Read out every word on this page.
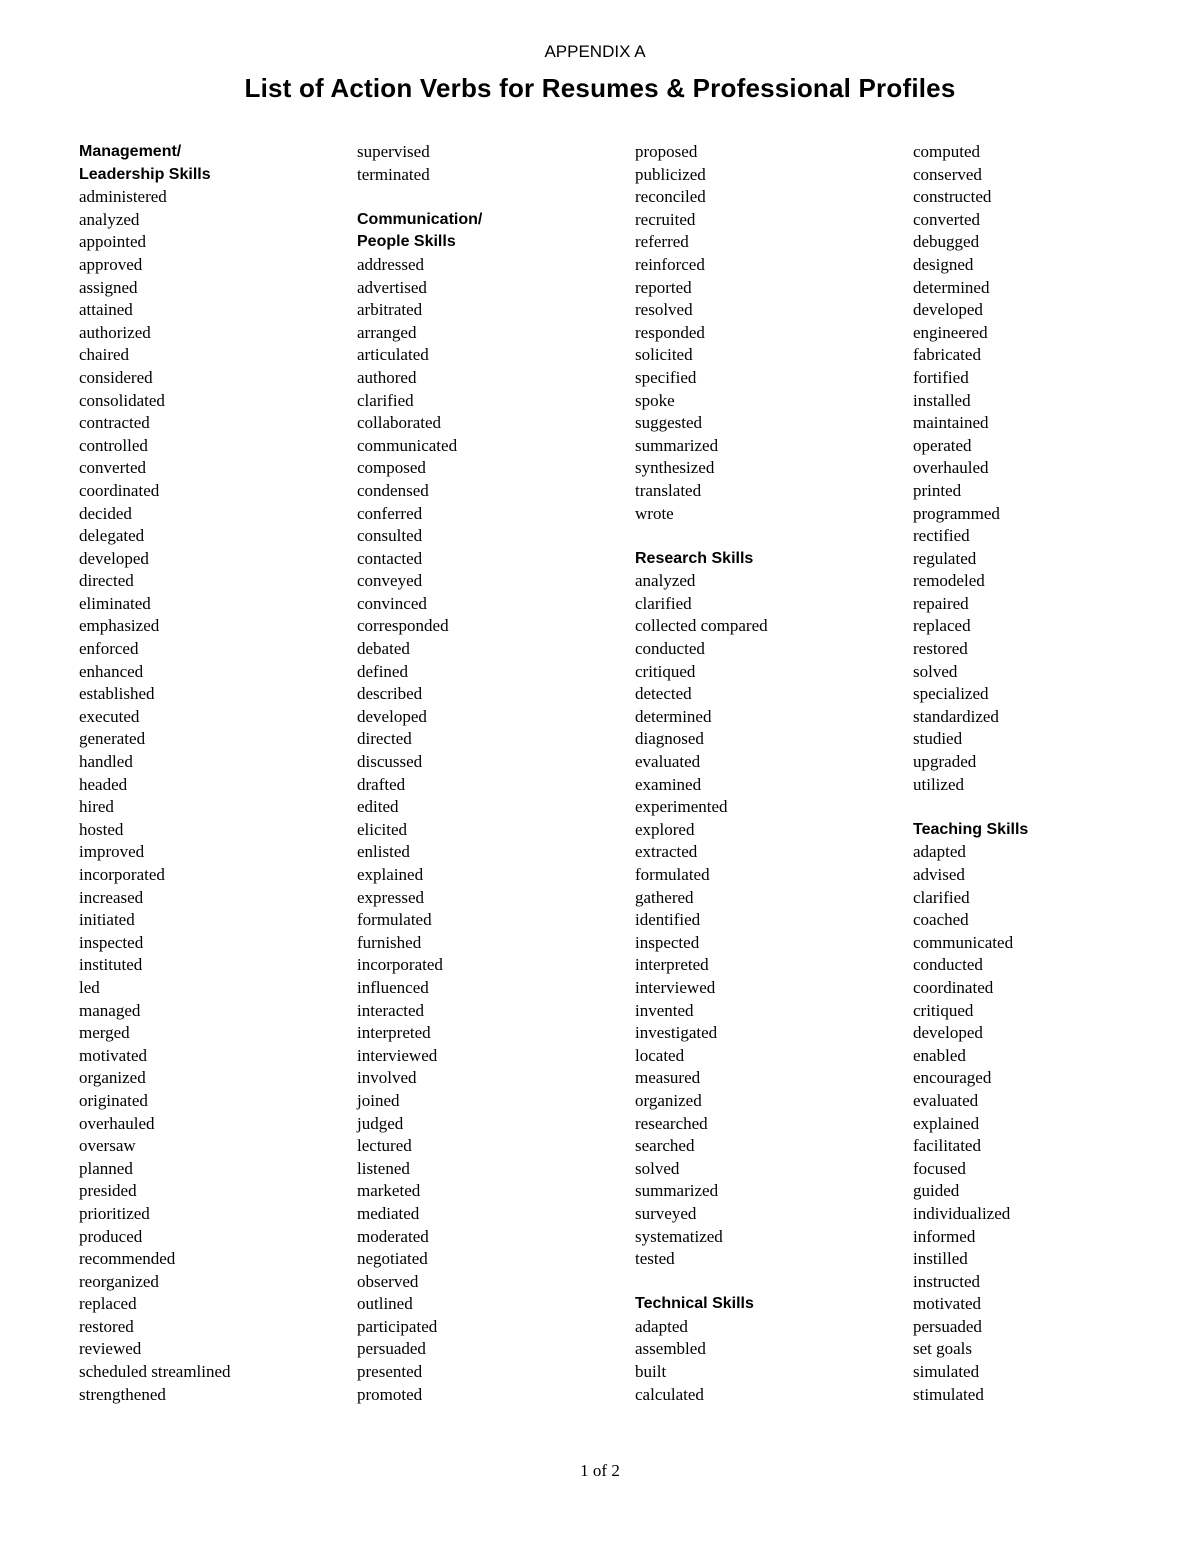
APPENDIX A
List of Action Verbs for Resumes & Professional Profiles
Management/
Leadership Skills
administered
analyzed
appointed
approved
assigned
attained
authorized
chaired
considered
consolidated
contracted
controlled
converted
coordinated
decided
delegated
developed
directed
eliminated
emphasized
enforced
enhanced
established
executed
generated
handled
headed
hired
hosted
improved
incorporated
increased
initiated
inspected
instituted
led
managed
merged
motivated
organized
originated
overhauled
oversaw
planned
presided
prioritized
produced
recommended
reorganized
replaced
restored
reviewed
scheduled streamlined
strengthened
supervised
terminated
Communication/
People Skills
addressed
advertised
arbitrated
arranged
articulated
authored
clarified
collaborated
communicated
composed
condensed
conferred
consulted
contacted
conveyed
convinced
corresponded
debated
defined
described
developed
directed
discussed
drafted
edited
elicited
enlisted
explained
expressed
formulated
furnished
incorporated
influenced
interacted
interpreted
interviewed
involved
joined
judged
lectured
listened
marketed
mediated
moderated
negotiated
observed
outlined
participated
persuaded
presented
promoted
proposed
publicized
reconciled
recruited
referred
reinforced
reported
resolved
responded
solicited
specified
spoke
suggested
summarized
synthesized
translated
wrote
Research Skills
analyzed
clarified
collected compared
conducted
critiqued
detected
determined
diagnosed
evaluated
examined
experimented
explored
extracted
formulated
gathered
identified
inspected
interpreted
interviewed
invented
investigated
located
measured
organized
researched
searched
solved
summarized
surveyed
systematized
tested
Technical Skills
adapted
assembled
built
calculated
computed
conserved
constructed
converted
debugged
designed
determined
developed
engineered
fabricated
fortified
installed
maintained
operated
overhauled
printed
programmed
rectified
regulated
remodeled
repaired
replaced
restored
solved
specialized
standardized
studied
upgraded
utilized
Teaching Skills
adapted
advised
clarified
coached
communicated
conducted
coordinated
critiqued
developed
enabled
encouraged
evaluated
explained
facilitated
focused
guided
individualized
informed
instilled
instructed
motivated
persuaded
set goals
simulated
stimulated
1 of 2
